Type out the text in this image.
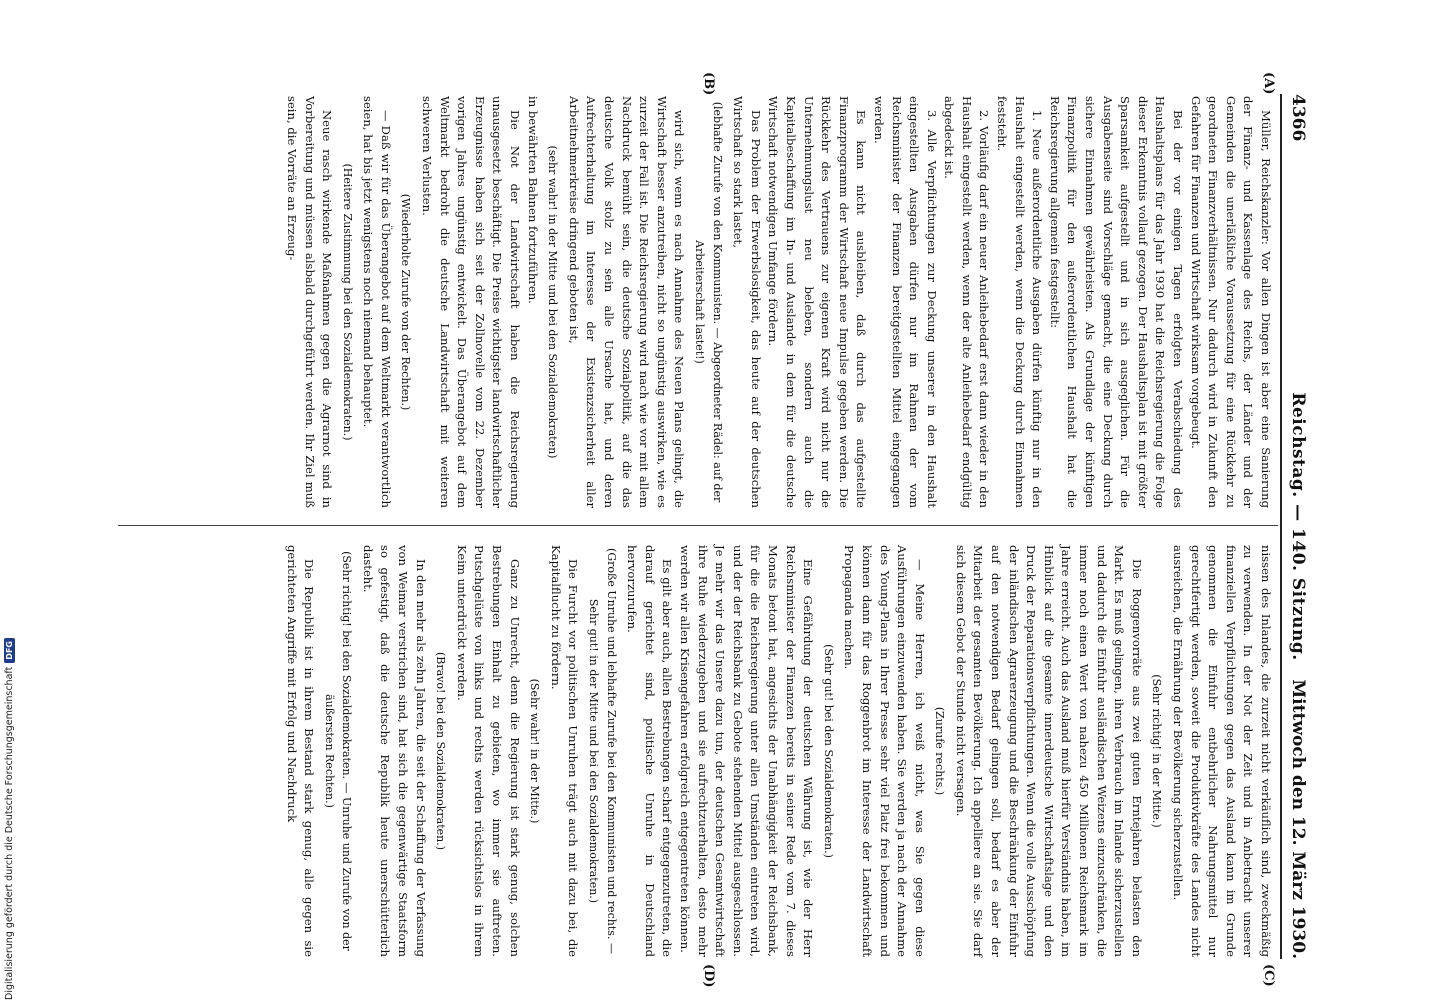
4366
Reichstag. — 140. Sitzung.
Mittwoch den 12. März 1930.
(A)
(B)
(C)
(D)

Müller, Reichskanzler: Vor allen Dingen ist aber eine Sanierung der Finanz- und Kassenlage des Reichs, der Länder und der Gemeinden die unerläßliche Voraussetzung für eine Rückkehr zu geordneten Finanzverhältnissen. Nur dadurch wird in Zukunft den Gefahren für Finanzen und Wirtschaft wirksam vorgebeugt.

Bei der vor einigen Tagen erfolgten Verabschiedung des Haushaltsplans für das Jahr 1930 hat die Reichsregierung die Folge dieser Erkenntnis vollauf gezogen. Der Haushaltsplan ist mit größter Sparsamkeit aufgestellt und in sich ausgeglichen. Für die Ausgabenseite sind Vorschläge gemacht, die eine Deckung durch sichere Einnahmen gewährleisten. Als Grundlage der künftigen Finanzpolitik für den außerordentlichen Haushalt hat die Reichsregierung allgemein festgestellt:

1. Neue außerordentliche Ausgaben dürfen künftig nur in den Haushalt eingestellt werden, wenn die Deckung durch Einnahmen feststeht.

2. Vorläufig darf ein neuer Anleihebedarf erst dann wieder in den Haushalt eingestellt werden, wenn der alte Anleihebedarf endgültig abgedeckt ist.

3. Alle Verpflichtungen zur Deckung unserer in den Haushalt eingestellten Ausgaben dürfen nur im Rahmen der vom Reichsminister der Finanzen bereitgestellten Mittel eingegangen werden.

Es kann nicht ausbleiben, daß durch das aufgestellte Finanzprogramm der Wirtschaft neue Impulse gegeben werden. Die Rückkehr des Vertrauens zur eigenen Kraft wird nicht nur die Unternehmungslust neu beleben, sondern auch die Kapitalbeschaffung im In- und Auslande in dem für die deutsche Wirtschaft notwendigen Umfange fördern.

Das Problem der Erwerbslosigkeit, das heute auf der deutschen Wirtschaft so stark lastet,

(lebhafte Zurufe von den Kommunisten. — Abgeordneter Rädel: auf der Arbeiterschaft lastet!)

wird sich, wenn es nach Annahme des Neuen Plans gelingt, die Wirtschaft besser anzutreiben, nicht so ungünstig auswirken, wie es zurzeit der Fall ist. Die Reichsregierung wird nach wie vor mit allem Nachdruck bemüht sein, die deutsche Sozialpolitik, auf die das deutsche Volk stolz zu sein alle Ursache hat, und deren Aufrechterhaltung im Interesse der Existenzsicherheit aller Arbeitnehmerkreise dringend geboten ist,

(sehr wahr! in der Mitte und bei den Sozialdemokraten)

in bewährten Bahnen fortzuführen.

Die Not der Landwirtschaft haben die Reichsregierung unausgesetzt beschäftigt. Die Preise wichtigster landwirtschaftlicher Erzeugnisse haben sich seit der Zollnovelle vom 22. Dezember vorigen Jahres ungünstig entwickelt. Das Überangebot auf dem Weltmarkt bedroht die deutsche Landwirtschaft mit weiteren schweren Verlusten.

(Wiederholte Zurufe von der Rechten.)

— Daß wir für das Überangebot auf dem Weltmarkt verantwortlich seien, hat bis jetzt wenigstens noch niemand behauptet.

(Heitere Zustimmung bei den Sozialdemokraten.)

Neue rasch wirkende Maßnahmen gegen die Agrarnot sind in Vorbereitung und müssen alsbald durchgeführt werden. Ihr Ziel muß sein, die Vorräte an Erzeug-

nissen des Inlandes, die zurzeit nicht verkäuflich sind, zweckmäßig zu verwenden. In der Not der Zeit und in Anbetracht unserer finanziellen Verpflichtungen gegen das Ausland kann im Grunde genommen die Einfuhr entbehrlicher Nahrungsmittel nur gerechtfertigt werden, soweit die Produktivkräfte des Landes nicht ausreichen, die Ernährung der Bevölkerung sicherzustellen.

(Sehr richtig! in der Mitte.)

Die Roggenvorräte aus zwei guten Erntejahren belasten den Markt. Es muß gelingen, ihren Verbrauch im Inlande sicherzustellen und dadurch die Einfuhr ausländischen Weizens einzuschränken, die immer noch einen Wert von nahezu 450 Millionen Reichsmark im Jahre erreicht. Auch das Ausland muß hierfür Verständnis haben, im Hinblick auf die gesamte innerdeutsche Wirtschaftslage und den Druck der Reparationsverpflichtungen. Wenn die volle Ausschöpfung der inländischen Agrarerzeugung und die Beschränkung der Einfuhr auf den notwendigen Bedarf gelingen soll, bedarf es aber der Mitarbeit der gesamten Bevölkerung. Ich appelliere an sie. Sie darf sich diesem Gebot der Stunde nicht versagen.

(Zurufe rechts.)

— Meine Herren, ich weiß nicht, was Sie gegen diese Ausführungen einzuwenden haben. Sie werden ja nach der Annahme des Young-Plans in Ihrer Presse sehr viel Platz frei bekommen und können dann für das Roggenbrot im Interesse der Landwirtschaft Propaganda machen.

(Sehr gut! bei den Sozialdemokraten.)

Eine Gefährdung der deutschen Währung ist, wie der Herr Reichsminister der Finanzen bereits in seiner Rede vom 7. dieses Monats betont hat, angesichts der Unabhängigkeit der Reichsbank, für die die Reichsregierung unter allen Umständen eintreten wird, und der der Reichsbank zu Gebote stehenden Mittel ausgeschlossen. Je mehr wir das Unsere dazu tun, der deutschen Gesamtwirtschaft ihre Ruhe wiederzugeben und sie aufrechtzuerhalten, desto mehr werden wir allen Krisengefahren erfolgreich entgegentreten können.

Es gilt aber auch, allen Bestrebungen scharf entgegenzutreten, die darauf gerichtet sind, politische Unruhe in Deutschland hervorzurufen.

(Große Unruhe und lebhafte Zurufe bei den Kommunisten und rechts. — Sehr gut! in der Mitte und bei den Sozialdemokraten.)

Die Furcht vor politischen Unruhen trägt auch mit dazu bei, die Kapitalflucht zu fördern.

(Sehr wahr! in der Mitte.)

Ganz zu Unrecht, denn die Regierung ist stark genug, solchen Bestrebungen Einhalt zu gebieten, wo immer sie auftreten. Putschgelüste von links und rechts werden rücksichtslos in ihrem Keim unterdrückt werden.

(Bravo! bei den Sozialdemokraten.)

In den mehr als zehn Jahren, die seit der Schaffung der Verfassung von Weimar verstrichen sind, hat sich die gegenwärtige Staatsform so gefestigt, daß die deutsche Republik heute unerschütterlich dasteht.

(Sehr richtig! bei den Sozialdemokraten. — Unruhe und Zurufe von der äußersten Rechten.)

Die Republik ist in ihrem Bestand stark genug, alle gegen sie gerichteten Angriffe mit Erfolg und Nachdruck

Digitalisierung gefördert durch die Deutsche Forschungsgemeinschaft
DFG
